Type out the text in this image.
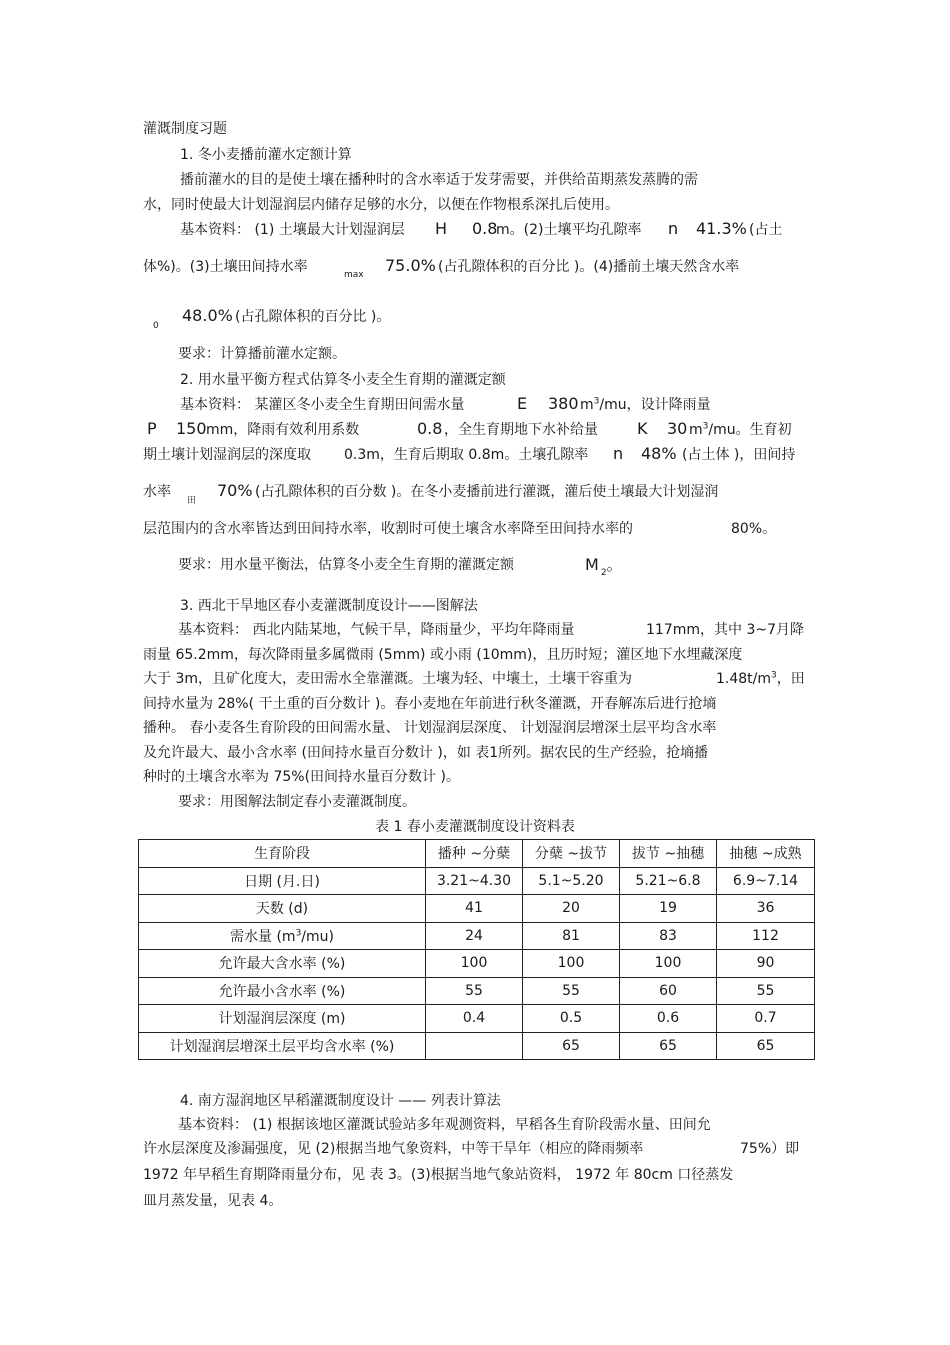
灌溉制度习题
1. 冬小麦播前灌水定额计算
播前灌水的目的是使土壤在播种时的含水率适于发芽需要，并供给苗期蒸发蒸腾的需
水，同时使最大计划湿润层内储存足够的水分，以便在作物根系深扎后使用。
基本资料： (1) 土壤最大计划湿润层 H 0.8
m。(2)土壤平均孔隙率 n 41.3% (占土
体%)。(3)土壤田间持水率	max 75.0% (占孔隙体积的百分比 )。(4)播前土壤天然含水率
0
48.0% (占孔隙体积的百分比 )。
要求：计算播前灌水定额。
2. 用水量平衡方程式估算冬小麦全生育期的灌溉定额
基本资料： 某灌区冬小麦全生育期田间需水量	E 380 $m^3/mu$，设计降雨量
P 150 mm，降雨有效利用系数	0.8 ，全生育期地下水补给量 K 30 $m^3/mu$。生育初
期土壤计划湿润层的深度取 0.3m，生育后期取 0.8m。土壤孔隙率 n 48% (占土体 )，田间持
水率
田
70% (占孔隙体积的百分数 )。在冬小麦播前进行灌溉，灌后使土壤最大计划湿润
层范围内的含水率皆达到田间持水率，收割时可使土壤含水率降至田间持水率的	80%。
要求：用水量平衡法，估算冬小麦全生育期的灌溉定额	M $_2$。
3. 西北干旱地区春小麦灌溉制度设计——图解法
基本资料： 西北内陆某地，气候干旱，降雨量少，平均年降雨量	117mm，其中 3~7月降
雨量 65.2mm，每次降雨量多属微雨 (5mm) 或小雨 (10mm)，且历时短；灌区地下水埋藏深度
大于 3m，且矿化度大，麦田需水全靠灌溉。土壤为轻、中壤土，土壤干容重为	$1.48t/m^3$，田
间持水量为 28%( 干土重的百分数计 )。春小麦地在年前进行秋冬灌溉，开春解冻后进行抢墒
播种。 春小麦各生育阶段的田间需水量、 计划湿润层深度、 计划湿润层增深土层平均含水率
及允许最大、最小含水率 (田间持水量百分数计 )，如 表1所列。据农民的生产经验，抢墒播
种时的土壤含水率为 75%(田间持水量百分数计 )。
要求：用图解法制定春小麦灌溉制度。
表 1 春小麦灌溉制度设计资料表
生育阶段	播种 ~分蘖	分蘖 ~拔节	拔节 ~抽穗	抽穗 ~成熟
日期 (月.日)	3.21~4.30	5.1~5.20	5.21~6.8	6.9~7.14
天数 (d)	41	20	19	36
需水量 $(m^3/mu)$	24	81	83	112
允许最大含水率 (%)	100	100	100	90
允许最小含水率 (%)	55	55	60	55
计划湿润层深度 (m)	0.4	0.5	0.6	0.7
计划湿润层增深土层平均含水率 (%)		65	65	65
4. 南方湿润地区早稻灌溉制度设计 —— 列表计算法
基本资料： (1) 根据该地区灌溉试验站多年观测资料，早稻各生育阶段需水量、田间允
许水层深度及渗漏强度，见 (2)根据当地气象资料，中等干旱年（相应的降雨频率	75%）即
1972 年早稻生育期降雨量分布，见 表 3。(3)根据当地气象站资料， 1972 年 80cm 口径蒸发
皿月蒸发量，见表 4。
